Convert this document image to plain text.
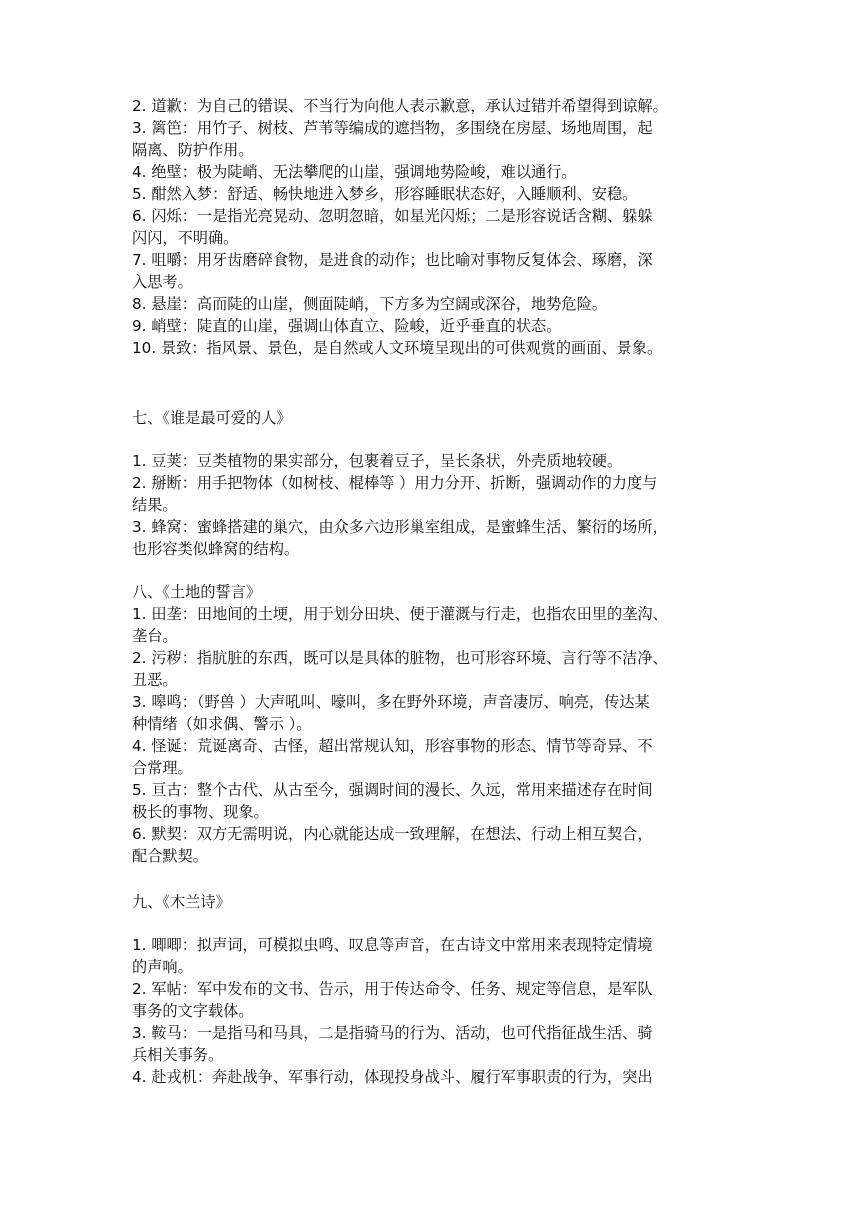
2. 道歉：为自己的错误、不当行为向他人表示歉意，承认过错并希望得到谅解。
3. 篱笆：用竹子、树枝、芦苇等编成的遮挡物，多围绕在房屋、场地周围，起
隔离、防护作用。
4. 绝壁：极为陡峭、无法攀爬的山崖，强调地势险峻，难以通行。
5. 酣然入梦：舒适、畅快地进入梦乡，形容睡眠状态好，入睡顺利、安稳。
6. 闪烁：一是指光亮晃动、忽明忽暗，如星光闪烁；二是形容说话含糊、躲躲
闪闪，不明确。
7. 咀嚼：用牙齿磨碎食物，是进食的动作；也比喻对事物反复体会、琢磨，深
入思考。
8. 悬崖：高而陡的山崖，侧面陡峭，下方多为空阔或深谷，地势危险。
9. 峭壁：陡直的山崖，强调山体直立、险峻，近乎垂直的状态。
10. 景致：指风景、景色，是自然或人文环境呈现出的可供观赏的画面、景象。
七、《谁是最可爱的人》
1. 豆荚：豆类植物的果实部分，包裹着豆子，呈长条状，外壳质地较硬。
2. 掰断：用手把物体（如树枝、棍棒等 ）用力分开、折断，强调动作的力度与
结果。
3. 蜂窝：蜜蜂搭建的巢穴，由众多六边形巢室组成，是蜜蜂生活、繁衍的场所，
也形容类似蜂窝的结构。
八、《土地的誓言》
1. 田垄：田地间的土埂，用于划分田块、便于灌溉与行走，也指农田里的垄沟、
垄台。
2. 污秽：指肮脏的东西，既可以是具体的脏物，也可形容环境、言行等不洁净、
丑恶。
3. 嗥鸣：（野兽 ）大声吼叫、嚎叫，多在野外环境，声音凄厉、响亮，传达某
种情绪（如求偶、警示 ）。
4. 怪诞：荒诞离奇、古怪，超出常规认知，形容事物的形态、情节等奇异、不
合常理。
5. 亘古：整个古代、从古至今，强调时间的漫长、久远，常用来描述存在时间
极长的事物、现象。
6. 默契：双方无需明说，内心就能达成一致理解，在想法、行动上相互契合，
配合默契。
九、《木兰诗》
1. 唧唧：拟声词，可模拟虫鸣、叹息等声音，在古诗文中常用来表现特定情境
的声响。
2. 军帖：军中发布的文书、告示，用于传达命令、任务、规定等信息，是军队
事务的文字载体。
3. 鞍马：一是指马和马具，二是指骑马的行为、活动，也可代指征战生活、骑
兵相关事务。
4. 赴戎机：奔赴战争、军事行动，体现投身战斗、履行军事职责的行为，突出
